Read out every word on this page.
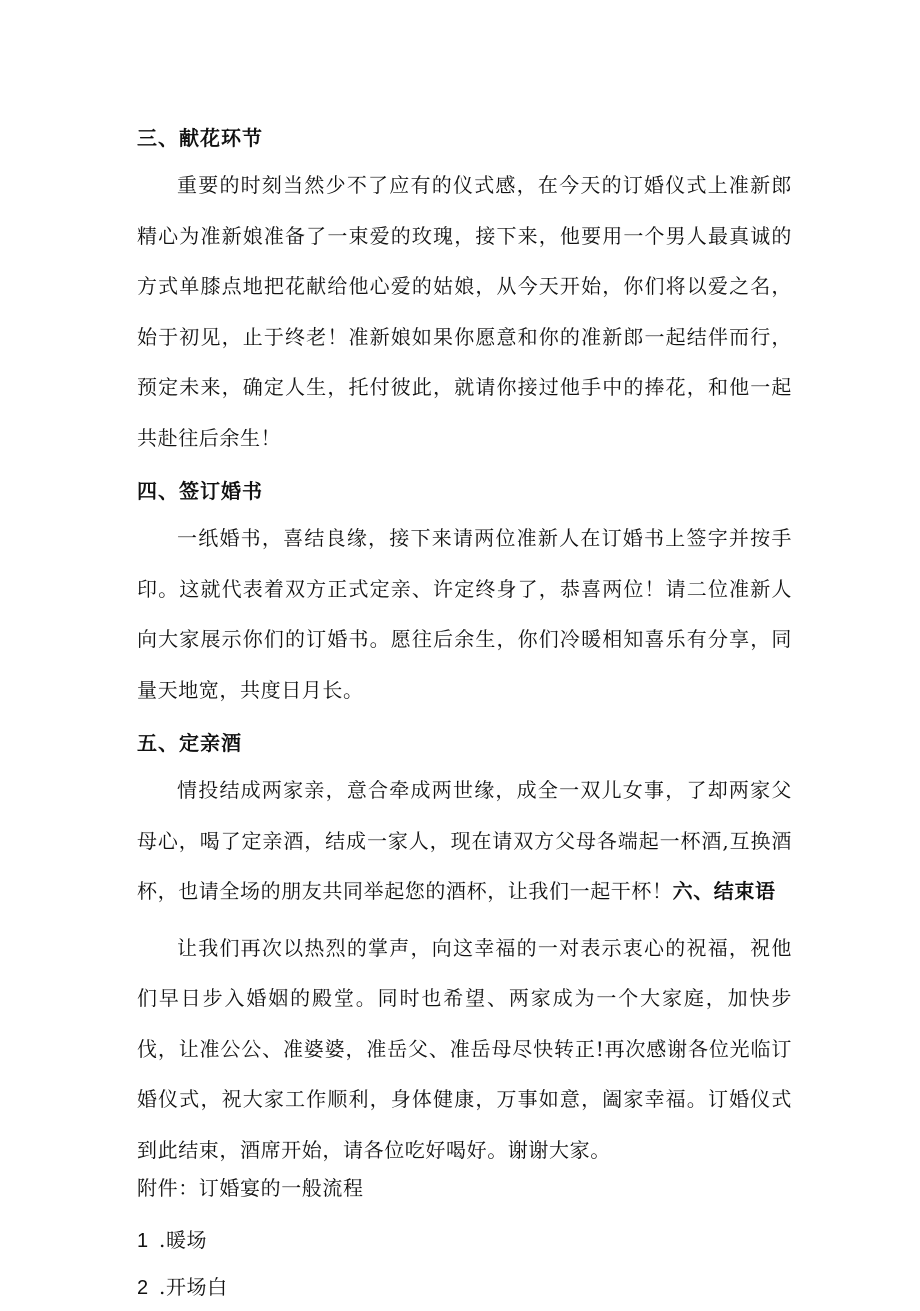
三、献花环节

重要的时刻当然少不了应有的仪式感，在今天的订婚仪式上准新郎精心为准新娘准备了一束爱的玫瑰，接下来，他要用一个男人最真诚的方式单膝点地把花献给他心爱的姑娘，从今天开始，你们将以爱之名，始于初见，止于终老！准新娘如果你愿意和你的准新郎一起结伴而行，预定未来，确定人生，托付彼此，就请你接过他手中的捧花，和他一起共赴往后余生！

四、签订婚书

一纸婚书，喜结良缘，接下来请两位准新人在订婚书上签字并按手印。这就代表着双方正式定亲、许定终身了，恭喜两位！请二位准新人向大家展示你们的订婚书。愿往后余生，你们冷暖相知喜乐有分享，同量天地宽，共度日月长。

五、定亲酒

情投结成两家亲，意合牵成两世缘，成全一双儿女事，了却两家父母心，喝了定亲酒，结成一家人，现在请双方父母各端起一杯酒,互换酒杯，也请全场的朋友共同举起您的酒杯，让我们一起干杯！六、结束语

让我们再次以热烈的掌声，向这幸福的一对表示衷心的祝福，祝他们早日步入婚姻的殿堂。同时也希望、两家成为一个大家庭，加快步伐，让准公公、准婆婆，准岳父、准岳母尽快转正!再次感谢各位光临订婚仪式，祝大家工作顺利，身体健康，万事如意，阖家幸福。订婚仪式到此结束，酒席开始，请各位吃好喝好。谢谢大家。

附件：订婚宴的一般流程

1 .暖场

2 .开场白
